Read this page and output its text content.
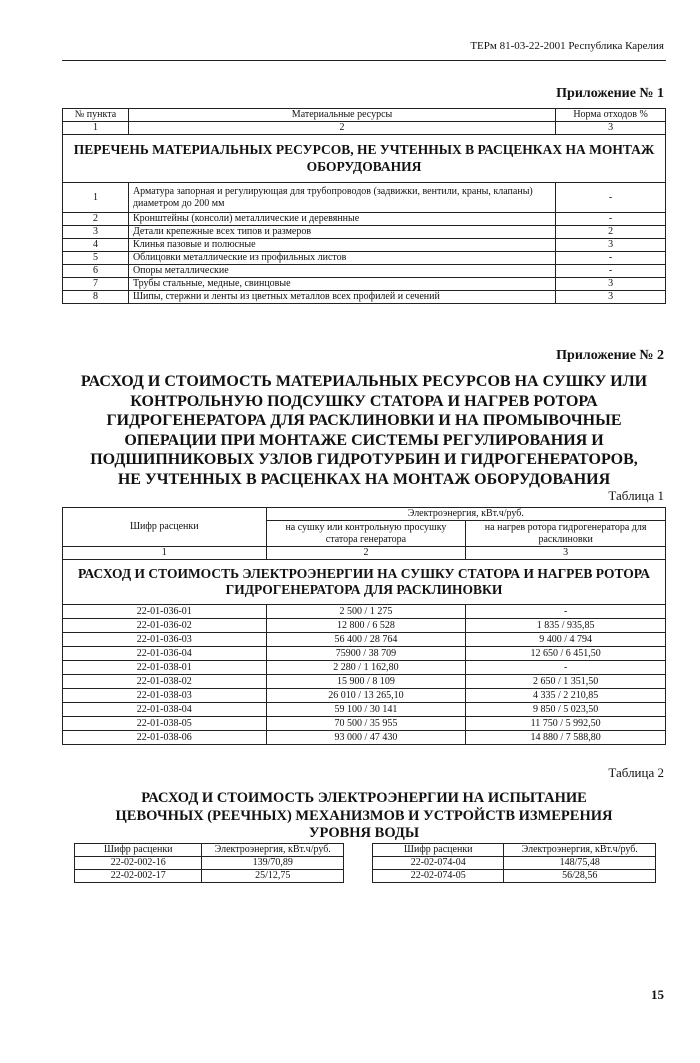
ТЕРм 81-03-22-2001 Республика Карелия
Приложение № 1
№ пункта	Материальные ресурсы	Норма отходов %
1	2	3
ПЕРЕЧЕНЬ МАТЕРИАЛЬНЫХ РЕСУРСОВ, НЕ УЧТЕННЫХ В РАСЦЕНКАХ НА МОНТАЖ ОБОРУДОВАНИЯ		
1	Арматура запорная и регулирующая для трубопроводов (задвижки, вентили, краны, клапаны) диаметром до 200 мм	-
2	Кронштейны (консоли) металлические и деревянные	-
3	Детали крепежные всех типов и размеров	2
4	Клинья пазовые и полюсные	3
5	Облицовки металлические из профильных листов	-
6	Опоры металлические	-
7	Трубы стальные, медные, свинцовые	3
8	Шипы, стержни и ленты из цветных металлов всех профилей и сечений	3
Приложение № 2
РАСХОД И СТОИМОСТЬ МАТЕРИАЛЬНЫХ РЕСУРСОВ НА СУШКУ ИЛИ КОНТРОЛЬНУЮ ПОДСУШКУ СТАТОРА И НАГРЕВ РОТОРА ГИДРОГЕНЕРАТОРА ДЛЯ РАСКЛИНОВКИ И НА ПРОМЫВОЧНЫЕ ОПЕРАЦИИ ПРИ МОНТАЖЕ СИСТЕМЫ РЕГУЛИРОВАНИЯ И ПОДШИПНИКОВЫХ УЗЛОВ ГИДРОТУРБИН И ГИДРОГЕНЕРАТОРОВ, НЕ УЧТЕННЫХ В РАСЦЕНКАХ НА МОНТАЖ ОБОРУДОВАНИЯ
Таблица 1
Шифр расценки	Электроэнергия, кВт.ч/руб.	
	на сушку или контрольную просушку статора генератора	на нагрев ротора гидрогенератора для расклиновки
1	2	3
РАСХОД И СТОИМОСТЬ ЭЛЕКТРОЭНЕРГИИ НА СУШКУ СТАТОРА И НАГРЕВ РОТОРА ГИДРОГЕНЕРАТОРА ДЛЯ РАСКЛИНОВКИ		
22-01-036-01	2 500 / 1 275	-
22-01-036-02	12 800 / 6 528	1 835 / 935,85
22-01-036-03	56 400 / 28 764	9 400 / 4 794
22-01-036-04	75900 / 38 709	12 650 / 6 451,50
22-01-038-01	2 280 / 1 162,80	-
22-01-038-02	15 900 / 8 109	2 650 / 1 351,50
22-01-038-03	26 010 / 13 265,10	4 335 / 2 210,85
22-01-038-04	59 100 / 30 141	9 850 / 5 023,50
22-01-038-05	70 500 / 35 955	11 750 / 5 992,50
22-01-038-06	93 000 / 47 430	14 880 / 7 588,80
Таблица 2
РАСХОД И СТОИМОСТЬ ЭЛЕКТРОЭНЕРГИИ НА ИСПЫТАНИЕ ЦЕВОЧНЫХ (РЕЕЧНЫХ) МЕХАНИЗМОВ И УСТРОЙСТВ ИЗМЕРЕНИЯ УРОВНЯ ВОДЫ
Шифр расценки	Электроэнергия, кВт.ч/руб.
22-02-002-16	139/70,89
22-02-002-17	25/12,75
Шифр расценки	Электроэнергия, кВт.ч/руб.
22-02-074-04	148/75,48
22-02-074-05	56/28,56
15
